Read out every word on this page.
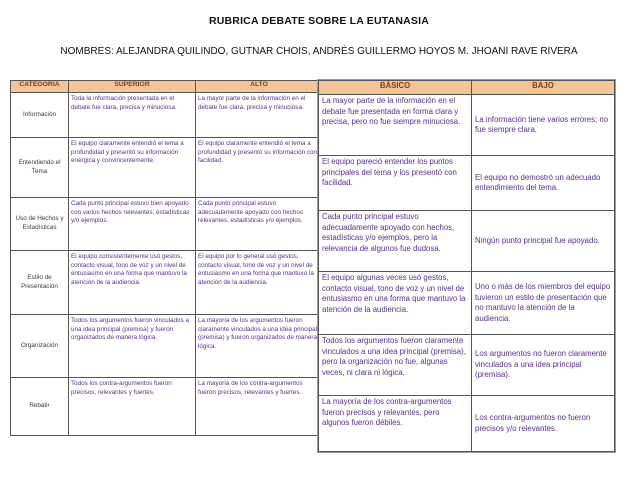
RUBRICA DEBATE SOBRE LA EUTANASIA
NOMBRES: ALEJANDRA QUILINDO, GUTNAR CHOIS, ANDRÉS GUILLERMO HOYOS M. JHOANI RAVE RIVERA
CATEGORÍA	SUPERIOR	ALTO
Información	Toda la información presentada en el debate fue clara, precisa y minuciosa.	La mayor parte de la información en el debate fue clara, precisa y minuciosa.
Entendiendo el Tema	El equipo claramente entendió el tema a profundidad y presentó su información enérgica y convincentemente.	El equipo claramente entendió el tema a profundidad y presentó su información con facilidad.
Uso de Hechos y Estadísticas	Cada punto principal estuvo bien apoyado con varios hechos relevantes, estadísticas y/o ejemplos.	Cada punto principal estuvo adecuadamente apoyado con hechos relevantes, estadísticas y/o ejemplos.
Estilo de Presentación	El equipo consistentemente usó gestos, contacto visual, tono de voz y un nivel de entusiasmo en una forma que mantuvo la atención de la audiencia.	El equipo por lo general usó gestos, contacto visual, tono de voz y un nivel de entusiasmo en una forma que mantuvo la atención de la audiencia.
Organización	Todos los argumentos fueron vinculados a una idea principal (premisa) y fueron organizados de manera lógica.	La mayoría de los argumentos fueron claramente vinculados a una idea principal (premisa) y fueron organizados de manera lógica.
Rebatir	Todos los contra-argumentos fueron precisos, relevantes y fuertes.	La mayoría de los contra-argumentos fueron precisos, relevantes y fuertes.
BÁSICO	BAJO
La mayor parte de la información en el debate fue presentada en forma clara y precisa, pero no fue siempre minuciosa.	La información tiene varios errores; no fue siempre clara.
El equipo pareció entender los puntos principales del tema y los presentó con facilidad.	El equipo no demostró un adecuado entendimiento del tema.
Cada punto principal estuvo adecuadamente apoyado con hechos, estadísticas y/o ejemplos, pero la relevancia de algunos fue dudosa.	Ningún punto principal fue apoyado.
El equipo algunas veces usó gestos, contacto visual, tono de voz y un nivel de entusiasmo en una forma que mantuvo la atención de la audiencia.	Uno o más de los miembros del equipo tuvieron un estilo de presentación que no mantuvo la atención de la audiencia.
Todos los argumentos fueron claramente vinculados a una idea principal (premisa), pero la organización no fue, algunas veces, ni clara ni lógica.	Los argumentos no fueron claramente vinculados a una idea principal (premisa).
La mayoría de los contra-argumentos fueron precisos y relevantes, pero algunos fueron débiles.	Los contra-argumentos no fueron precisos y/o relevantes.
